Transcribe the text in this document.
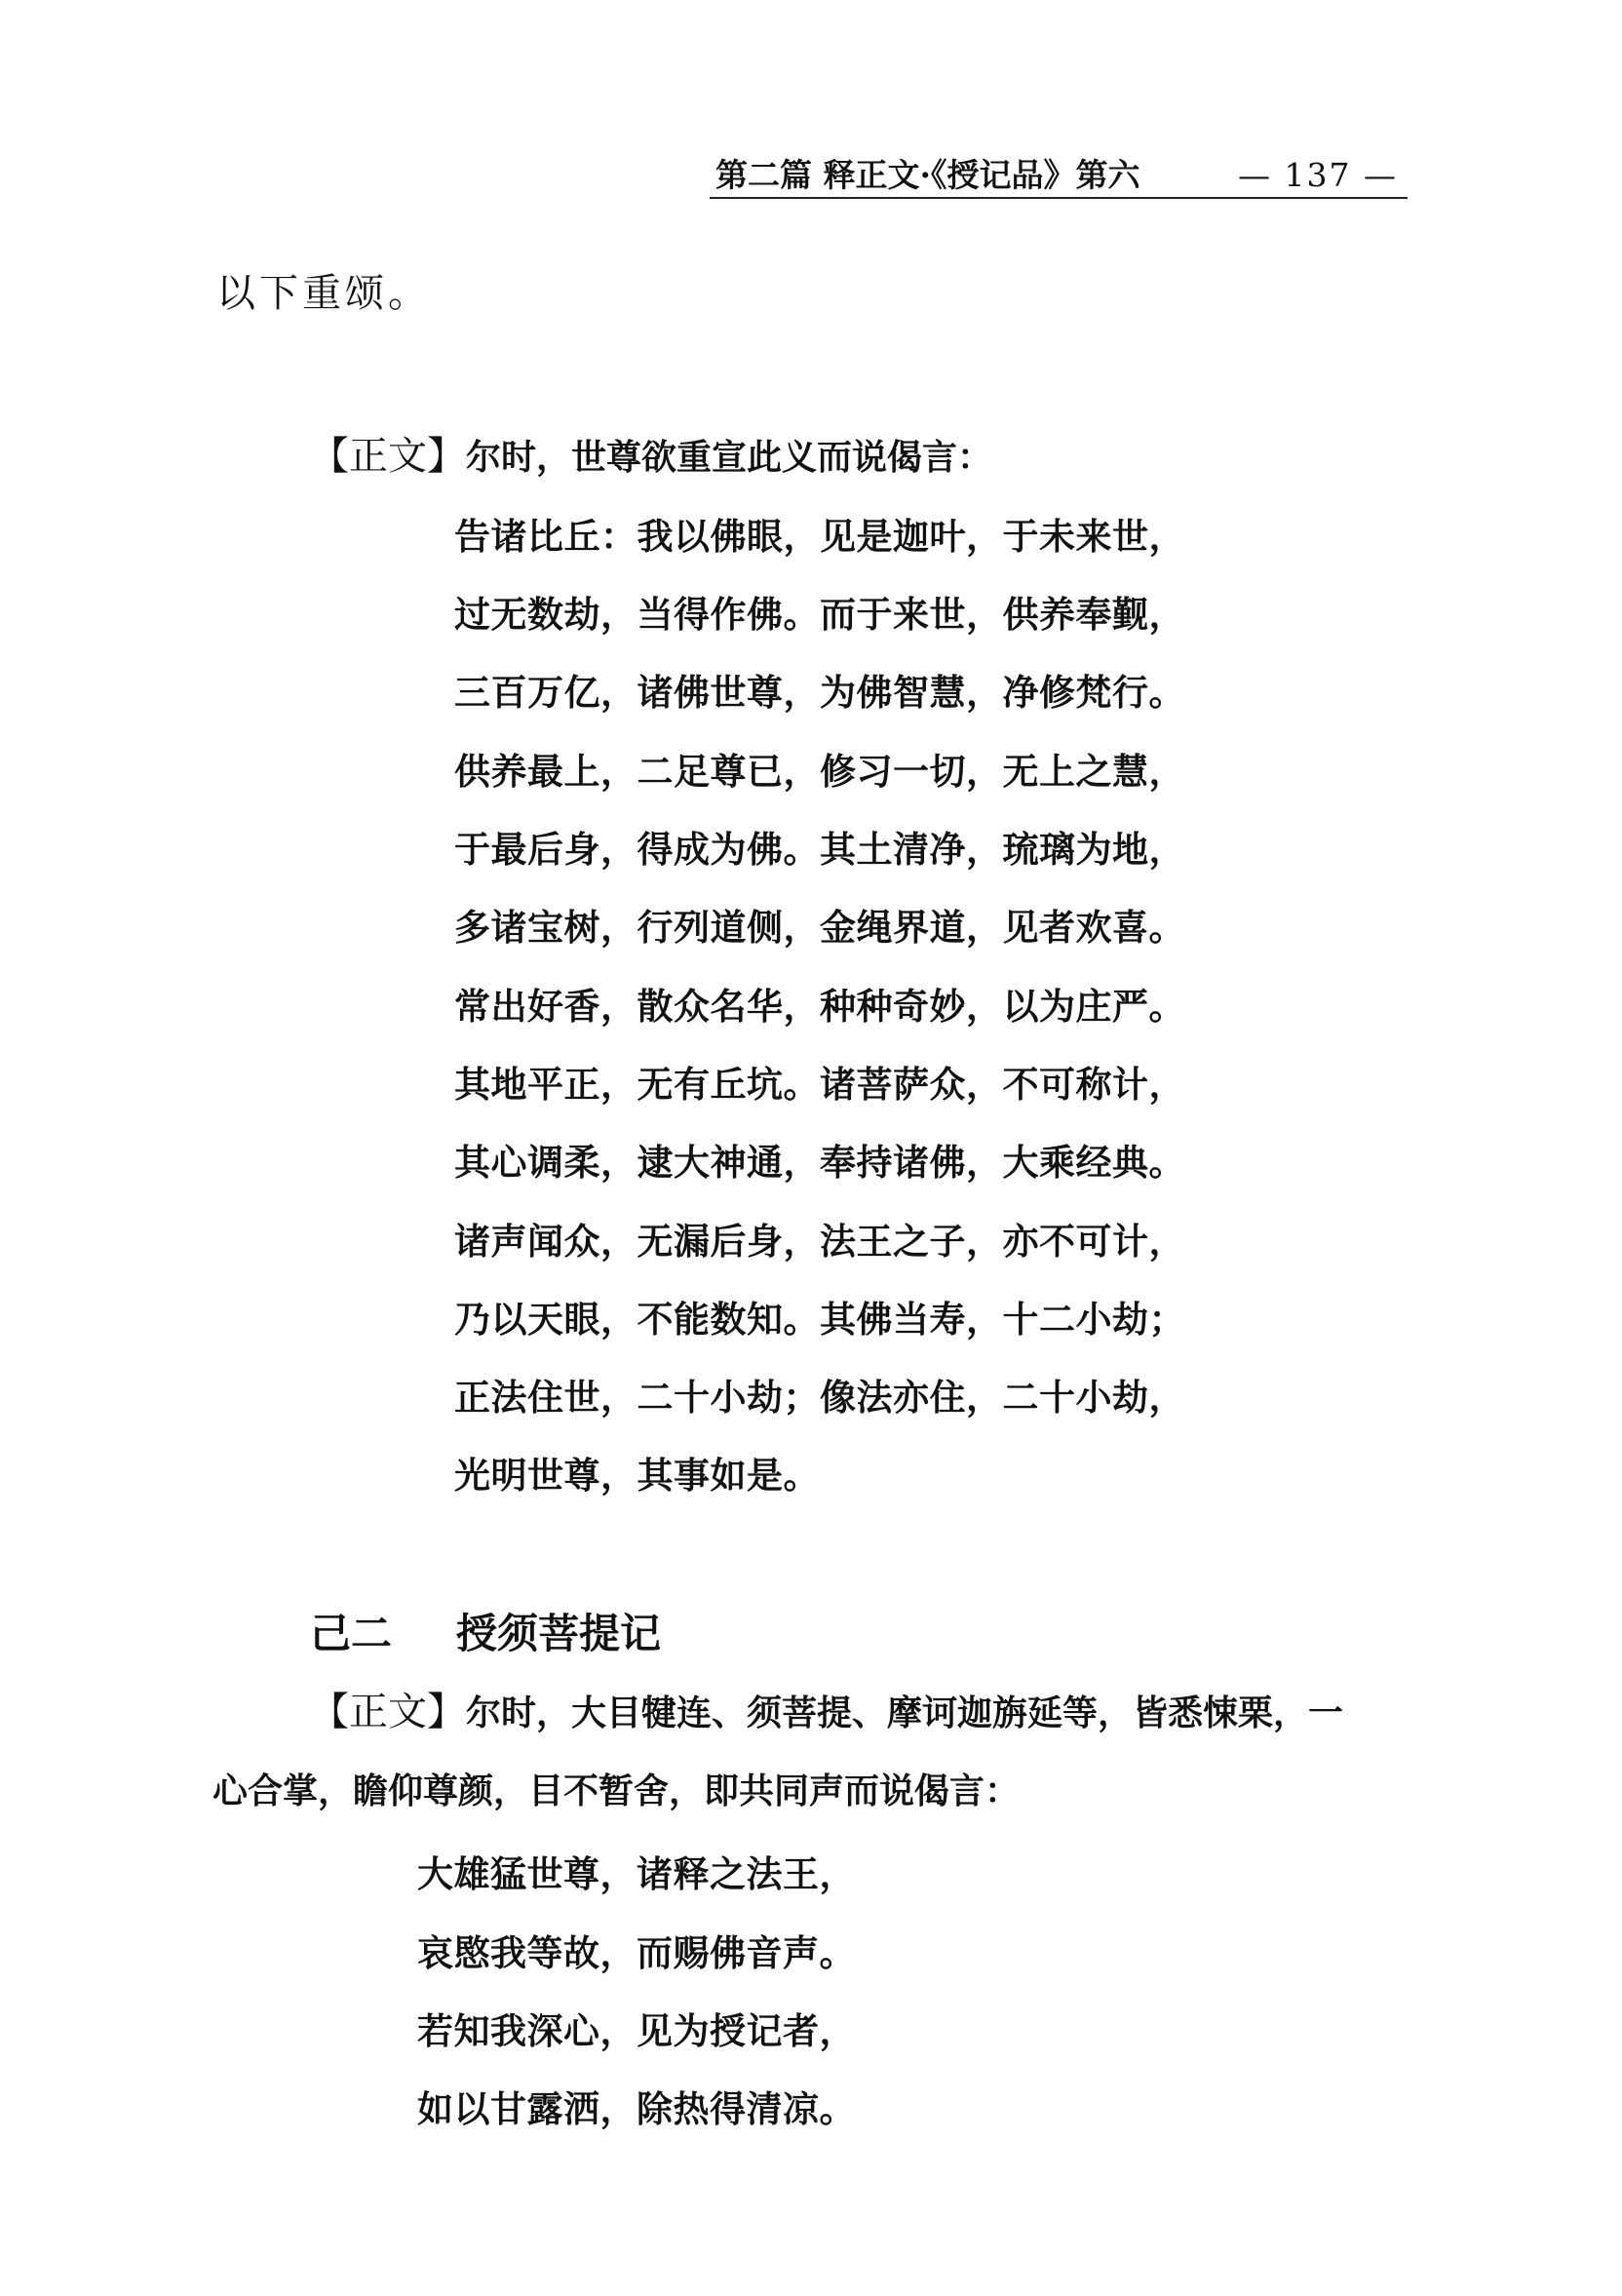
第二篇 释正文·《授记品》第六	— 137 —
以下重颂。
【正文】尔时，世尊欲重宣此义而说偈言：
告诸比丘：我以佛眼，见是迦叶，于未来世，
过无数劫，当得作佛。而于来世，供养奉觐，
三百万亿，诸佛世尊，为佛智慧，净修梵行。
供养最上，二足尊已，修习一切，无上之慧，
于最后身，得成为佛。其土清净，琉璃为地，
多诸宝树，行列道侧，金绳界道，见者欢喜。
常出好香，散众名华，种种奇妙，以为庄严。
其地平正，无有丘坑。诸菩萨众，不可称计，
其心调柔，逮大神通，奉持诸佛，大乘经典。
诸声闻众，无漏后身，法王之子，亦不可计，
乃以天眼，不能数知。其佛当寿，十二小劫；
正法住世，二十小劫；像法亦住，二十小劫，
光明世尊，其事如是。
己二 授须菩提记
【正文】尔时，大目犍连、须菩提、摩诃迦旃延等，皆悉悚栗，一
心合掌，瞻仰尊颜，目不暂舍，即共同声而说偈言：
大雄猛世尊，诸释之法王，
哀愍我等故，而赐佛音声。
若知我深心，见为授记者，
如以甘露洒，除热得清凉。
